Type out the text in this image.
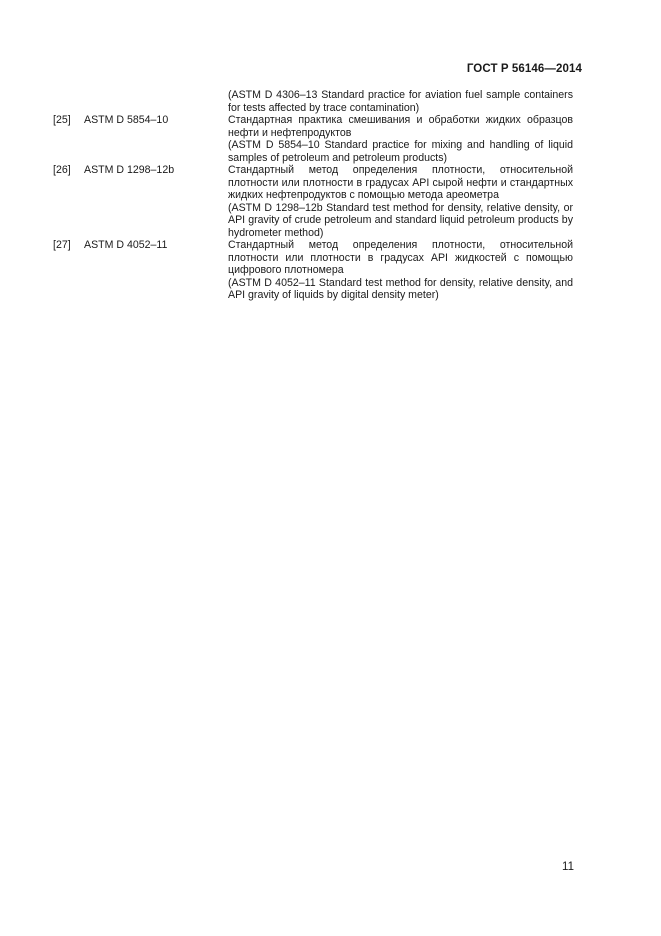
ГОСТ Р 56146—2014

(ASTM D 4306–13 Standard practice for aviation fuel sample containers for tests affected by trace contamination)

[25]	ASTM D 5854–10	Стандартная практика смешивания и обработки жидких образцов нефти и нефтепродуктов

(ASTM D 5854–10 Standard practice for mixing and handling of liquid samples of petroleum and petroleum products)

[26]	ASTM D 1298–12b	Стандартный метод определения плотности, относительной плотности или плотности в градусах API сырой нефти и стандартных жидких нефтепродуктов с помощью метода ареометра

(ASTM D 1298–12b Standard test method for density, relative density, or API gravity of crude petroleum and standard liquid petroleum products by hydrometer method)

[27]	ASTM D 4052–11	Стандартный метод определения плотности, относительной плотности или плотности в градусах API жидкостей с помощью цифрового плотномера

(ASTM D 4052–11 Standard test method for density, relative density, and API gravity of liquids by digital density meter)

11
